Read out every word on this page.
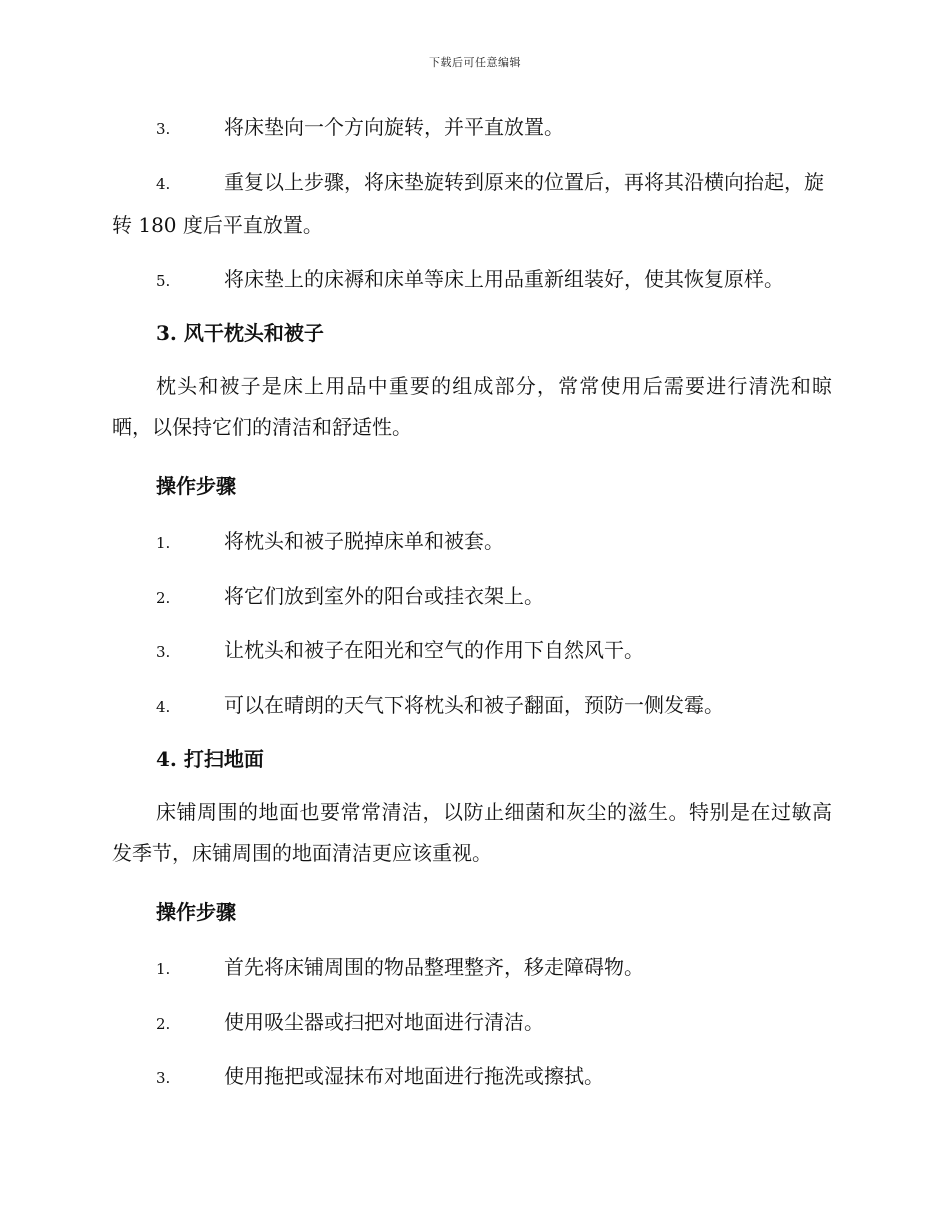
下载后可任意编辑
3.	将床垫向一个方向旋转，并平直放置。
4.	重复以上步骤，将床垫旋转到原来的位置后，再将其沿横向抬起，旋转 180 度后平直放置。
5.	将床垫上的床褥和床单等床上用品重新组装好，使其恢复原样。
3. 风干枕头和被子
枕头和被子是床上用品中重要的组成部分，常常使用后需要进行清洗和晾晒，以保持它们的清洁和舒适性。
操作步骤
1.	将枕头和被子脱掉床单和被套。
2.	将它们放到室外的阳台或挂衣架上。
3.	让枕头和被子在阳光和空气的作用下自然风干。
4.	可以在晴朗的天气下将枕头和被子翻面，预防一侧发霉。
4. 打扫地面
床铺周围的地面也要常常清洁，以防止细菌和灰尘的滋生。特别是在过敏高发季节，床铺周围的地面清洁更应该重视。
操作步骤
1.	首先将床铺周围的物品整理整齐，移走障碍物。
2.	使用吸尘器或扫把对地面进行清洁。
3.	使用拖把或湿抹布对地面进行拖洗或擦拭。
